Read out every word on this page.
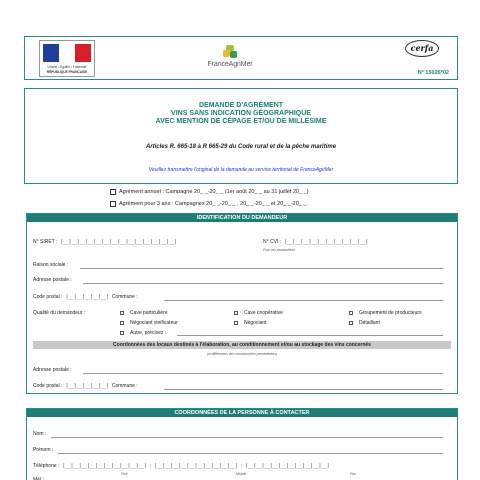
Liberté • Égalité • Fraternité
RÉPUBLIQUE FRANÇAISE
FranceAgriMer
cerfa
N° 15026*02
DEMANDE D'AGRÉMENT
VINS SANS INDICATION GÉOGRAPHIQUE
AVEC MENTION DE CÉPAGE ET/OU DE MILLÉSIME
Articles R. 665-18 à R 665-29 du Code rural et de la pêche maritime
Veuillez transmettre l'original de la demande au service territorial de FranceAgriMer
Agrément annuel : Campagne 20_ _-20_ _ (1er août 20_ _ au 31 juillet 20_ _)
Agrément pour 3 ans : Campagnes 20_ _-20_ _ , 20_ _-20_ _ et 20_ _-20_ _.
IDENTIFICATION DU DEMANDEUR
N° SIRET : |__|__|__|__|__|__|__|__|__|__|__|__|__|__|	N° CVI : |__|__|__|__|__|__|__|__|__|__|
Pour les producteurs
Raison sociale :
Adresse postale :
Code postal : |__|__|__|__|__| Commune :
Qualité du demandeur :	Cave particulière	Cave coopérative	Groupement de producteurs
Négociant vinificateur	Négociant	Détaillant
Autre, précisez :
Coordonnées des locaux destinés à l'élaboration, au conditionnement et/ou au stockage des vins concernés
(si différentes des coordonnées précédentes)
Adresse postale :
Code postal : |__|__|__|__|__| Commune :
COORDONNÉES DE LA PERSONNE À CONTACTER
Nom :
Prénom :
Téléphone : |__|__|__|__|__|__|__|__|__|__| ; |__|__|__|__|__|__|__|__|__|__| ; |__|__|__|__|__|__|__|__|__|__|
Fixe	Mobile	Fax
Mél :
